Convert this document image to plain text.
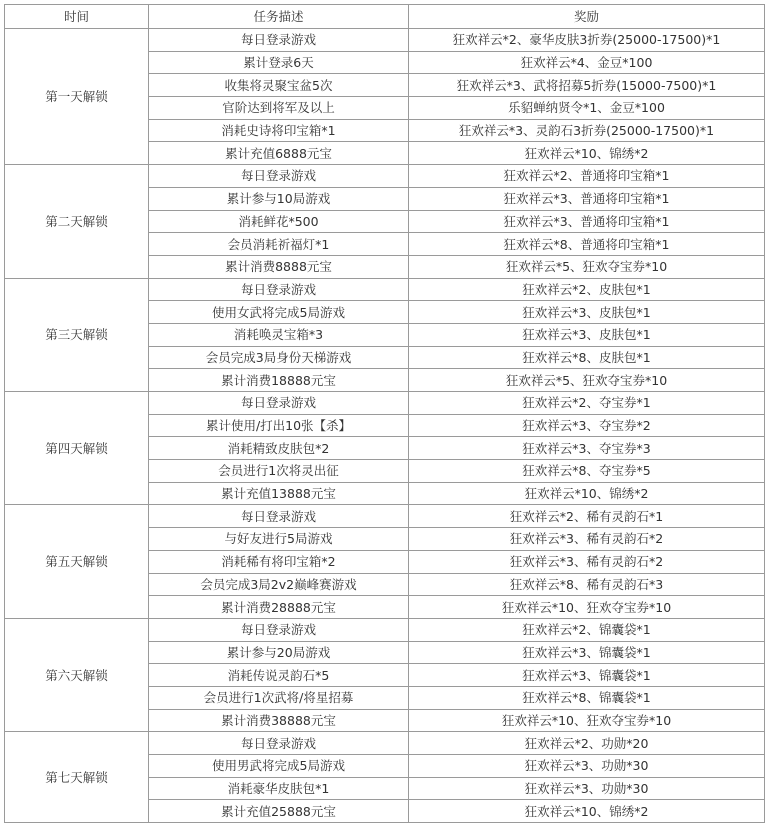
时间	任务描述	奖励
第一天解锁	每日登录游戏	狂欢祥云*2、豪华皮肤3折券(25000-17500)*1
	累计登录6天	狂欢祥云*4、金豆*100
	收集将灵聚宝盆5次	狂欢祥云*3、武将招募5折券(15000-7500)*1
	官阶达到将军及以上	乐貂蝉纳贤令*1、金豆*100
	消耗史诗将印宝箱*1	狂欢祥云*3、灵韵石3折券(25000-17500)*1
	累计充值6888元宝	狂欢祥云*10、锦绣*2
第二天解锁	每日登录游戏	狂欢祥云*2、普通将印宝箱*1
	累计参与10局游戏	狂欢祥云*3、普通将印宝箱*1
	消耗鲜花*500	狂欢祥云*3、普通将印宝箱*1
	会员消耗祈福灯*1	狂欢祥云*8、普通将印宝箱*1
	累计消费8888元宝	狂欢祥云*5、狂欢夺宝券*10
第三天解锁	每日登录游戏	狂欢祥云*2、皮肤包*1
	使用女武将完成5局游戏	狂欢祥云*3、皮肤包*1
	消耗唤灵宝箱*3	狂欢祥云*3、皮肤包*1
	会员完成3局身份天梯游戏	狂欢祥云*8、皮肤包*1
	累计消费18888元宝	狂欢祥云*5、狂欢夺宝券*10
第四天解锁	每日登录游戏	狂欢祥云*2、夺宝券*1
	累计使用/打出10张【杀】	狂欢祥云*3、夺宝券*2
	消耗精致皮肤包*2	狂欢祥云*3、夺宝券*3
	会员进行1次将灵出征	狂欢祥云*8、夺宝券*5
	累计充值13888元宝	狂欢祥云*10、锦绣*2
第五天解锁	每日登录游戏	狂欢祥云*2、稀有灵韵石*1
	与好友进行5局游戏	狂欢祥云*3、稀有灵韵石*2
	消耗稀有将印宝箱*2	狂欢祥云*3、稀有灵韵石*2
	会员完成3局2v2巅峰赛游戏	狂欢祥云*8、稀有灵韵石*3
	累计消费28888元宝	狂欢祥云*10、狂欢夺宝券*10
第六天解锁	每日登录游戏	狂欢祥云*2、锦囊袋*1
	累计参与20局游戏	狂欢祥云*3、锦囊袋*1
	消耗传说灵韵石*5	狂欢祥云*3、锦囊袋*1
	会员进行1次武将/将星招募	狂欢祥云*8、锦囊袋*1
	累计消费38888元宝	狂欢祥云*10、狂欢夺宝券*10
第七天解锁	每日登录游戏	狂欢祥云*2、功勋*20
	使用男武将完成5局游戏	狂欢祥云*3、功勋*30
	消耗豪华皮肤包*1	狂欢祥云*3、功勋*30
	累计充值25888元宝	狂欢祥云*10、锦绣*2
